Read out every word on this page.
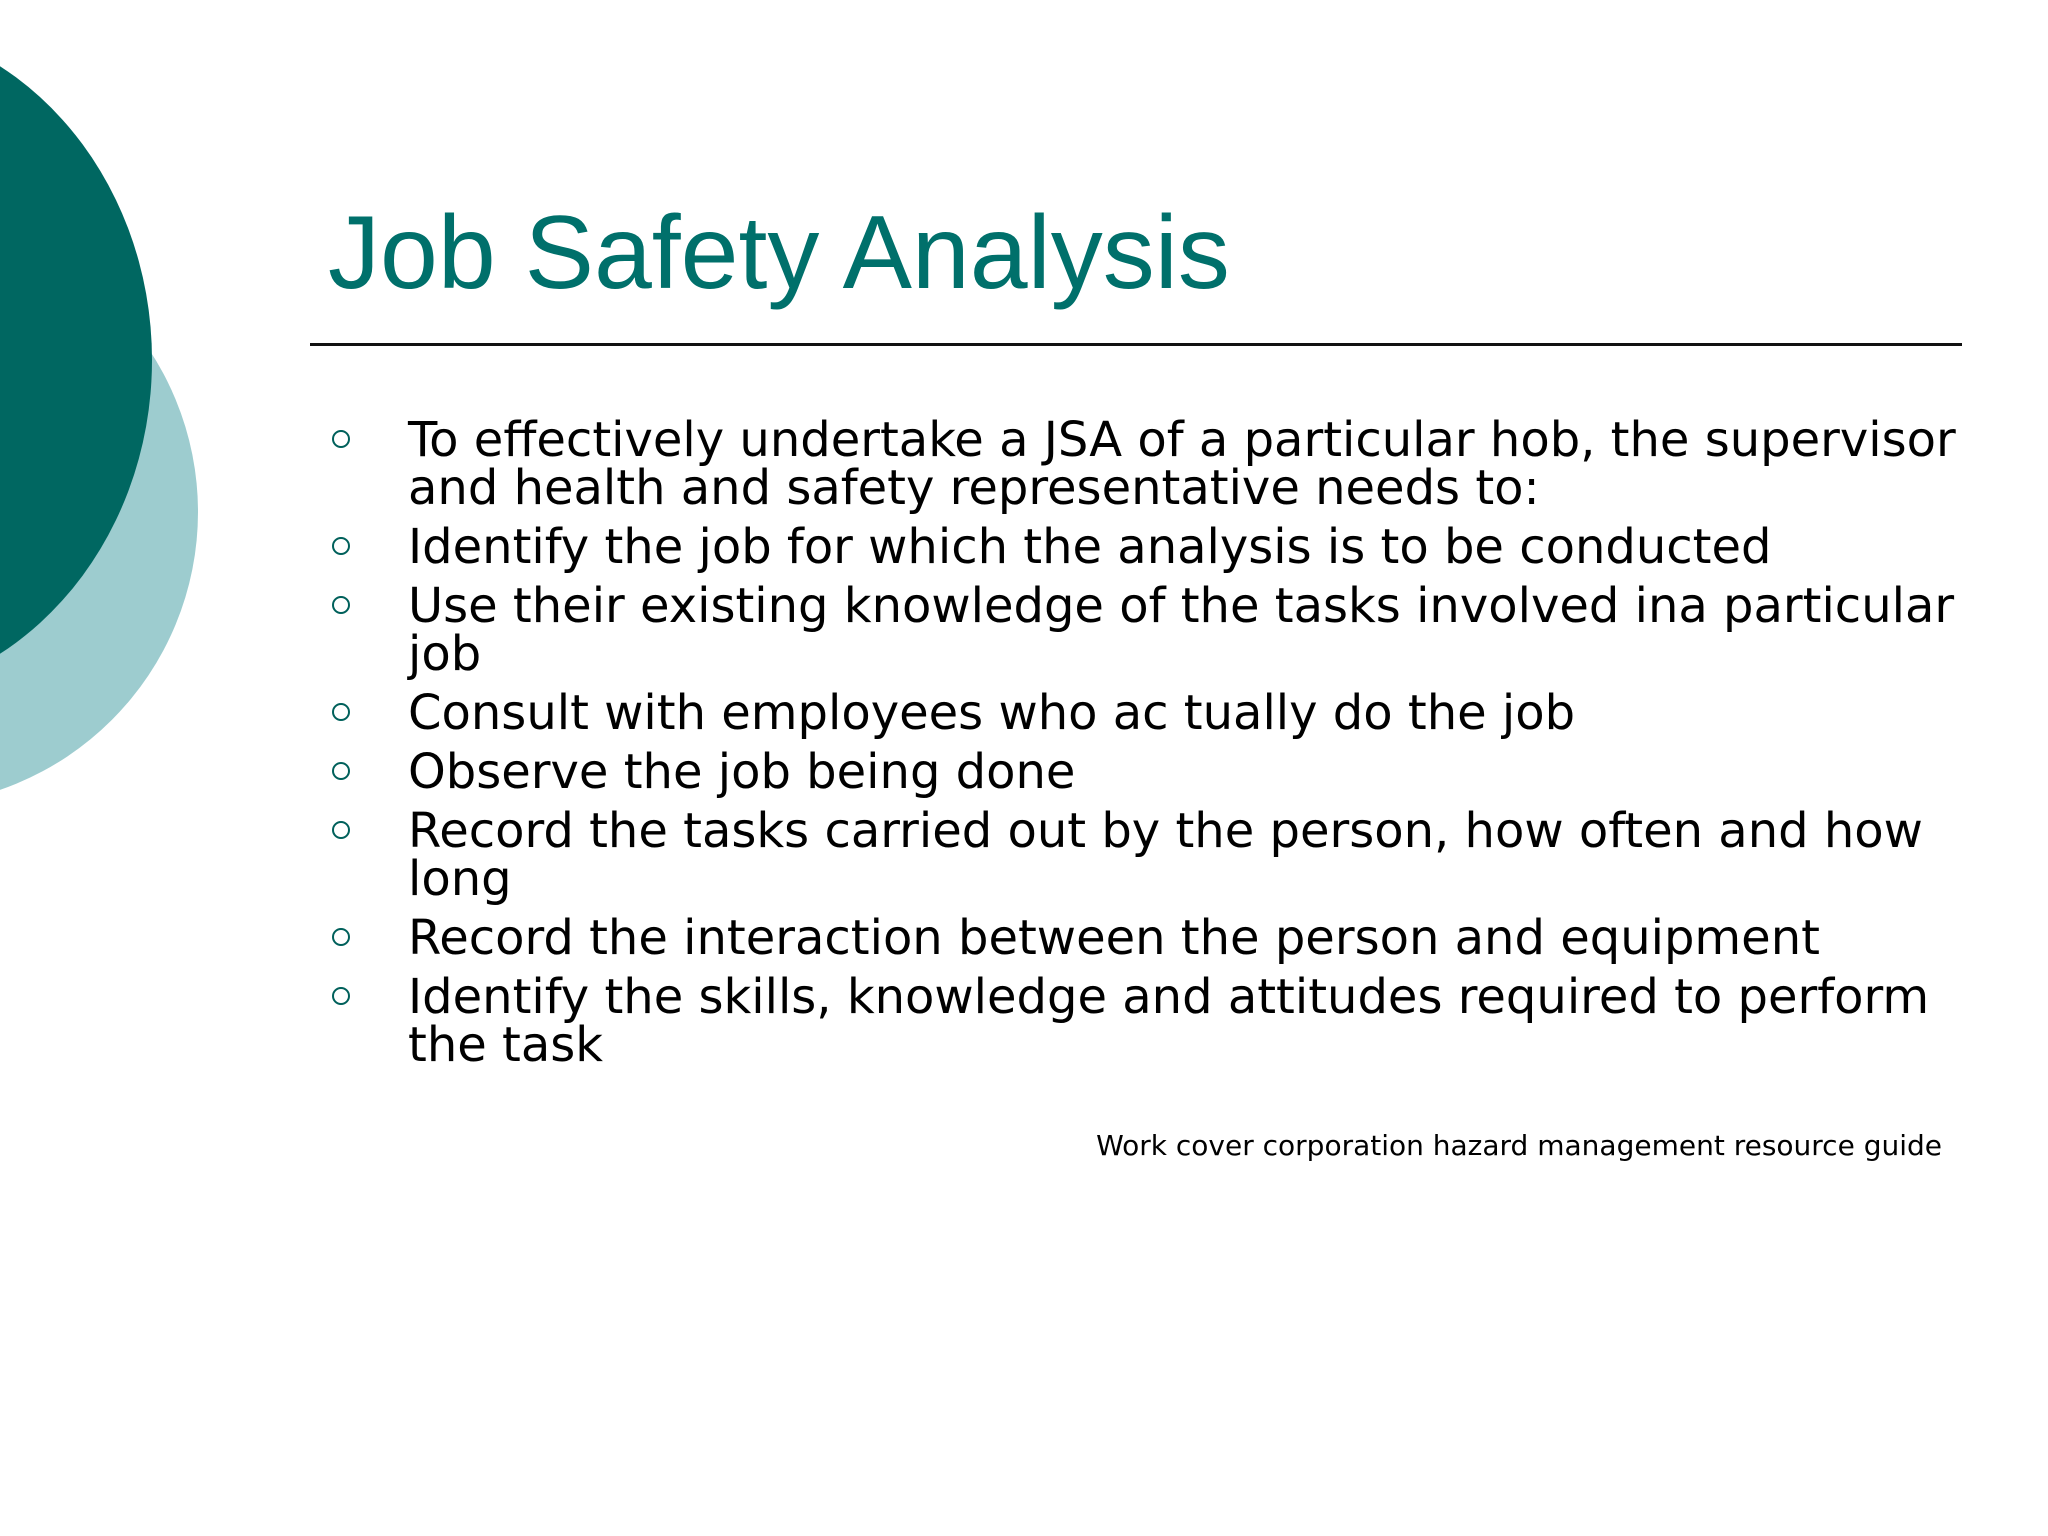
Job Safety Analysis
To effectively undertake a JSA of a particular hob, the supervisor and health and safety representative needs to:
Identify the job for which the analysis is to be conducted
Use their existing knowledge of the tasks involved ina particular job
Consult with employees who ac tually do the job
Observe the job being done
Record the tasks carried out by the person, how often and how long
Record the interaction between the person and equipment
Identify the skills, knowledge and attitudes required to perform the task

Work cover corporation hazard management resource guide
